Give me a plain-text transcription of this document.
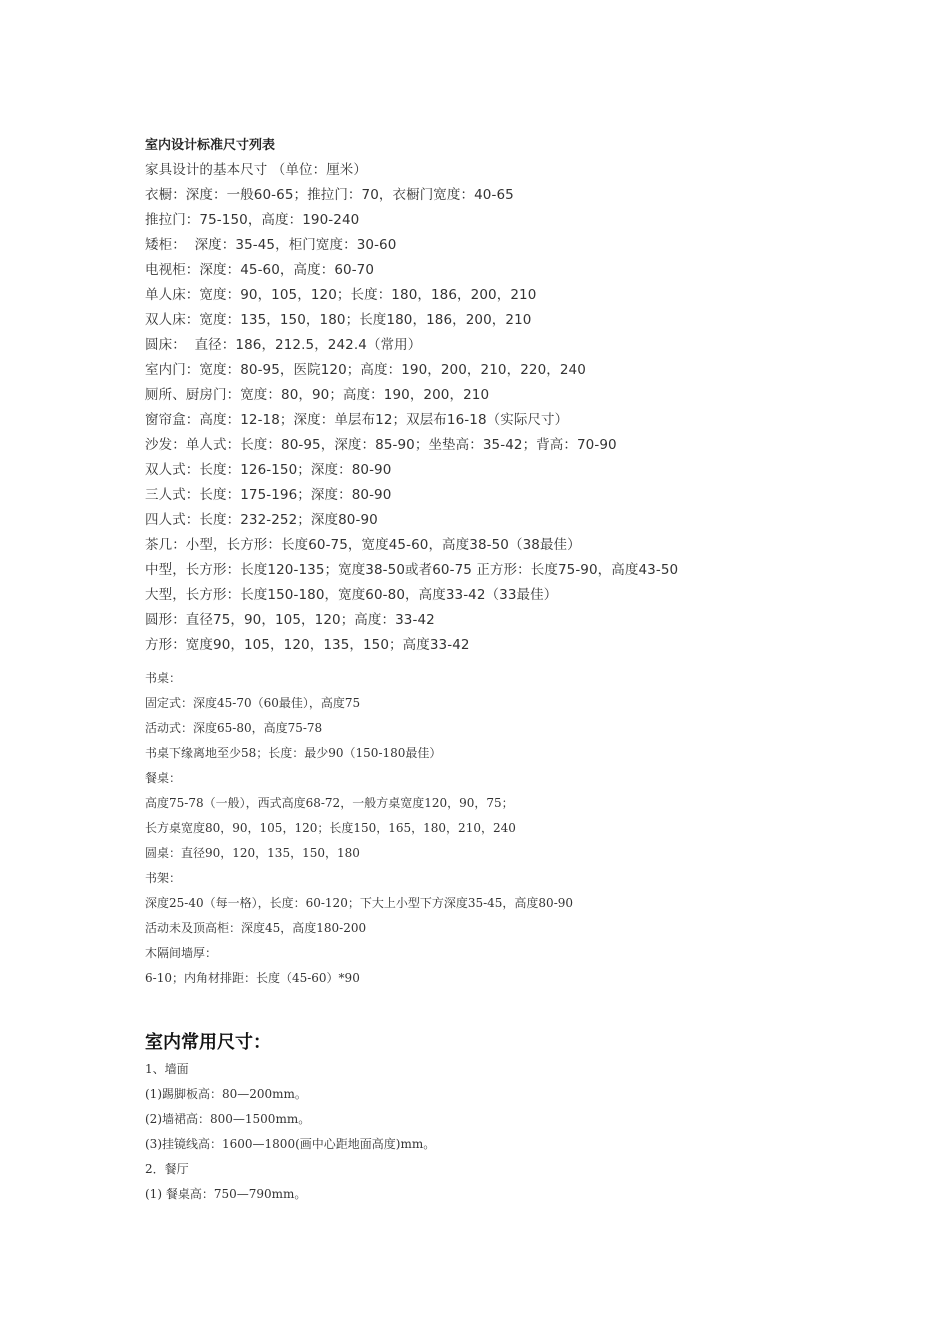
室内设计标准尺寸列表
家具设计的基本尺寸 （单位：厘米）
衣橱：深度：一般60-65；推拉门：70，衣橱门宽度：40-65
推拉门：75-150，高度：190-240
矮柜：  深度：35-45，柜门宽度：30-60
电视柜：深度：45-60，高度：60-70
单人床：宽度：90，105，120；长度：180，186，200，210
双人床：宽度：135，150，180；长度180，186，200，210
圆床：  直径：186，212.5，242.4（常用）
室内门：宽度：80-95，医院120；高度：190，200，210，220，240
厕所、厨房门：宽度：80，90；高度：190，200，210
窗帘盒：高度：12-18；深度：单层布12；双层布16-18（实际尺寸）
沙发：单人式：长度：80-95，深度：85-90；坐垫高：35-42；背高：70-90
双人式：长度：126-150；深度：80-90
三人式：长度：175-196；深度：80-90
四人式：长度：232-252；深度80-90
茶几：小型，长方形：长度60-75，宽度45-60，高度38-50（38最佳）
中型，长方形：长度120-135；宽度38-50或者60-75 正方形：长度75-90，高度43-50
大型，长方形：长度150-180，宽度60-80，高度33-42（33最佳）
圆形：直径75，90，105，120；高度：33-42
方形：宽度90，105，120，135，150；高度33-42
书桌：
固定式：深度45-70（60最佳），高度75
活动式：深度65-80，高度75-78
书桌下缘离地至少58；长度：最少90（150-180最佳）
餐桌：
高度75-78（一般），西式高度68-72，一般方桌宽度120，90，75；
长方桌宽度80，90，105，120；长度150，165，180，210，240
圆桌：直径90，120，135，150，180
书架：
深度25-40（每一格），长度：60-120；下大上小型下方深度35-45，高度80-90
活动未及顶高柜：深度45，高度180-200
木隔间墙厚：
6-10；内角材排距：长度（45-60）*90
室内常用尺寸：
1、墙面
(1)踢脚板高：80—200mm。
(2)墙裙高：800—1500mm。
(3)挂镜线高：1600—1800(画中心距地面高度)mm。
2．餐厅
(1) 餐桌高：750—790mm。
